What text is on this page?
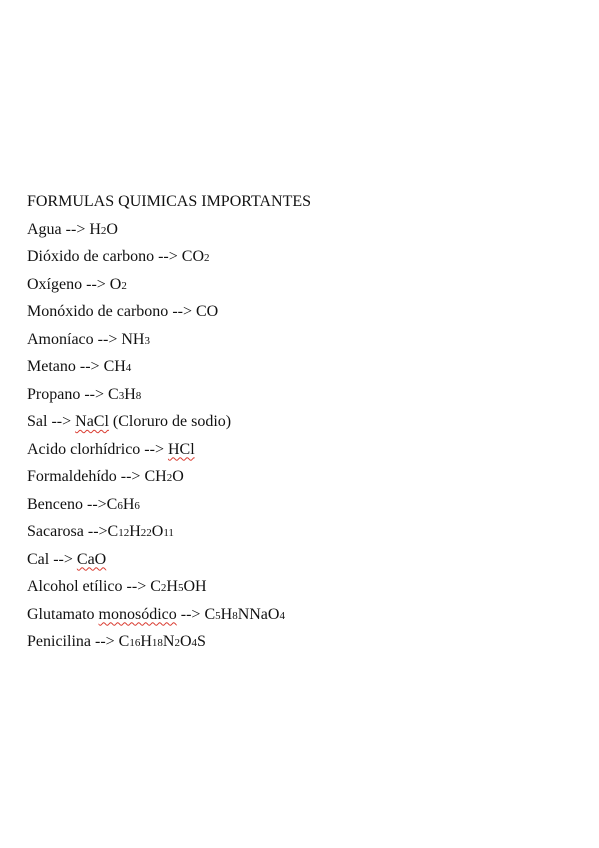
FORMULAS QUIMICAS IMPORTANTES
Agua --> H2O
Dióxido de carbono --> CO2
Oxígeno --> O2
Monóxido de carbono --> CO
Amoníaco --> NH3
Metano --> CH4
Propano --> C3H8
Sal --> NaCl (Cloruro de sodio)
Acido clorhídrico --> HCl
Formaldehído --> CH2O
Benceno -->C6H6
Sacarosa -->C12H22O11
Cal --> CaO
Alcohol etílico --> C2H5OH
Glutamato monosódico --> C5H8NNaO4
Penicilina --> C16H18N2O4S
